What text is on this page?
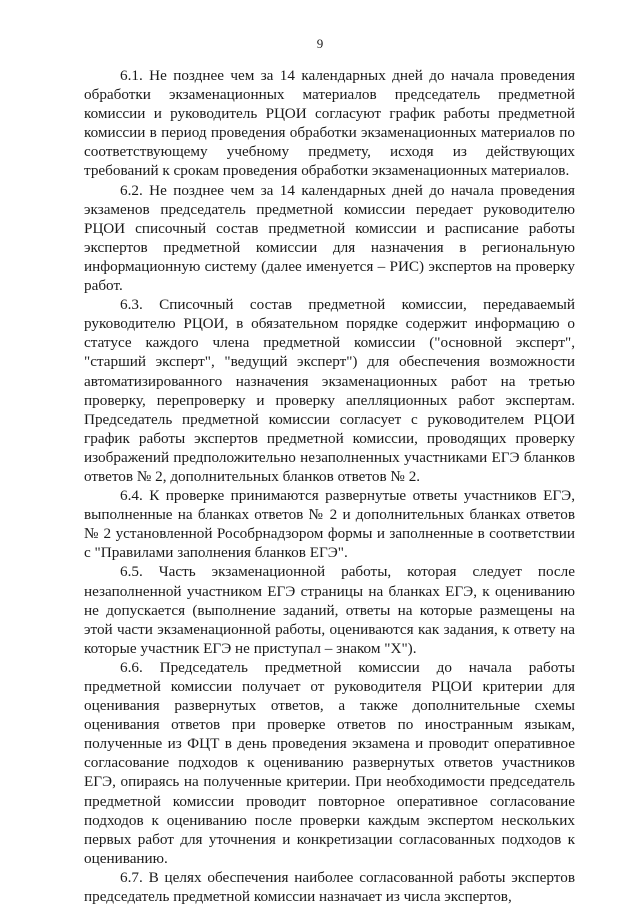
9

6.1. Не позднее чем за 14 календарных дней до начала проведения обработки экзаменационных материалов председатель предметной комиссии и руководитель РЦОИ согласуют график работы предметной комиссии в период проведения обработки экзаменационных материалов по соответствующему учебному предмету, исходя из действующих требований к срокам проведения обработки экзаменационных материалов.

6.2. Не позднее чем за 14 календарных дней до начала проведения экзаменов председатель предметной комиссии передает руководителю РЦОИ списочный состав предметной комиссии и расписание работы экспертов предметной комиссии для назначения в региональную информационную систему (далее именуется – РИС) экспертов на проверку работ.

6.3. Списочный состав предметной комиссии, передаваемый руководителю РЦОИ, в обязательном порядке содержит информацию о статусе каждого члена предметной комиссии ("основной эксперт", "старший эксперт", "ведущий эксперт") для обеспечения возможности автоматизированного назначения экзаменационных работ на третью проверку, перепроверку и проверку апелляционных работ экспертам. Председатель предметной комиссии согласует с руководителем РЦОИ график работы экспертов предметной комиссии, проводящих проверку изображений предположительно незаполненных участниками ЕГЭ бланков ответов № 2, дополнительных бланков ответов № 2.

6.4. К проверке принимаются развернутые ответы участников ЕГЭ, выполненные на бланках ответов № 2 и дополнительных бланках ответов № 2 установленной Рособрнадзором формы и заполненные в соответствии с "Правилами заполнения бланков ЕГЭ".

6.5. Часть экзаменационной работы, которая следует после незаполненной участником ЕГЭ страницы на бланках ЕГЭ, к оцениванию не допускается (выполнение заданий, ответы на которые размещены на этой части экзаменационной работы, оцениваются как задания, к ответу на которые участник ЕГЭ не приступал – знаком "X").

6.6. Председатель предметной комиссии до начала работы предметной комиссии получает от руководителя РЦОИ критерии для оценивания развернутых ответов, а также дополнительные схемы оценивания ответов при проверке ответов по иностранным языкам, полученные из ФЦТ в день проведения экзамена и проводит оперативное согласование подходов к оцениванию развернутых ответов участников ЕГЭ, опираясь на полученные критерии. При необходимости председатель предметной комиссии проводит повторное оперативное согласование подходов к оцениванию после проверки каждым экспертом нескольких первых работ для уточнения и конкретизации согласованных подходов к оцениванию.

6.7. В целях обеспечения наиболее согласованной работы экспертов председатель предметной комиссии назначает из числа экспертов,
